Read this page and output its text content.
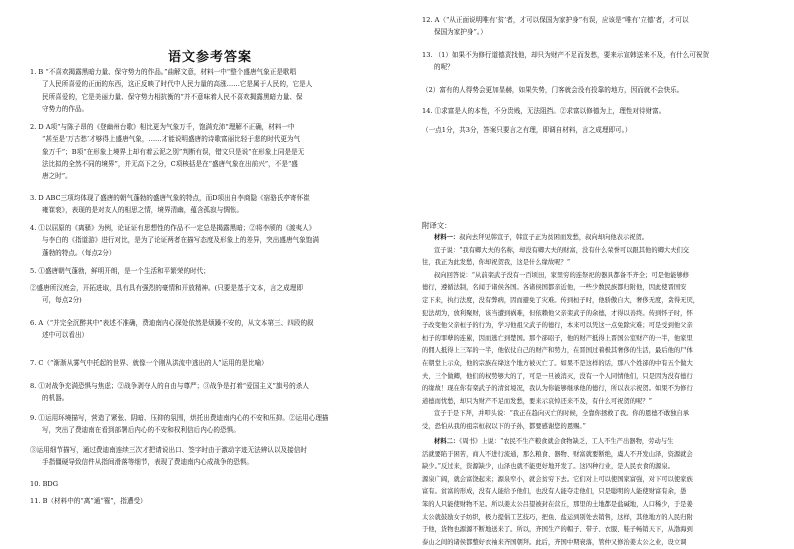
语文参考答案
1. B “不喜欢揭露黑暗力量、保守势力的作品。”曲解文意，材料一中“整个盛唐气象正是歌唱
了人民所喜爱的正面的东西，这正反映了时代中人民力量的高涨……它是属于人民的，它是人
民所喜爱的，它是美丽力量、保守势力相抗衡的”并不意味着人民不喜欢揭露黑暗力量、保
守势力的作品。
2. D A项“与陈子昂的《登幽州台歌》相比更为气象万千，饱满充沛”理解不正确，材料一中
“甚至是‘万古愁’才够得上盛唐气象，……才能说明盛唐的诗歌富丽比轻于悲的时代更为气
象万千”；B项“在形象上境界上却有着云泥之别”判断有误，错文只是说“在形象上同是是无
法比拟的全然不同的境界”，并无高下之分，C项核括是在“盛唐气象在出前兴”，不是“盛
唐之时”。
3. D ABC三项均体现了盛唐的朝气蓬勃的盛唐气象的特点，而D项出自李商隐《宿骆氏亭寄怀崔
雍崔衮》，表现的是对友人的相思之情，境界清幽，蕴含孤寂与惆怅。
4. ①以屈原的《离骚》为例，论证证有思想性的作品不一定总是揭露黑暗；②将李颀的《渡夷人》
与李白的《指道游》进行对比，是为了论证两者在描写态度及形象上的差异，突出盛唐气象饱满
蓬勃的特点。（每点2分）
5. ①盛唐朝气蓬勃，鲜明开朗，是一个生活和平繁荣的时代；
②盛唐所汉庭会，开拓进取，具有具有强烈的豪情和开放精神。(只要是基于文本，言之成理即
可，每点2分)
6. A（“并完全沉醉其中”表述不准确，费迪南内心深处依然是烦躁不安的，从文本第三、四段的叙
述中可以看出）
7. C（“渐渐从雾气中托起的世界、就像一个刚从洪流中逃出的人”运用的是比喻）
8. ①对战争充满恐惧与焦虑；②战争剥夺人的自由与尊严；③战争是打着“爱国主义”旗号的杀人
的机器。
9. ①运用环境描写，营造了紧张、阴暗、压抑的氛围，烘托出费迪南内心的不安和压抑。②运用心理描
写，突出了费迪南在看到部署后内心的不安和权利信后内心的恐惧。
③运用细节描写，通过费迪南连续三次才把请说出口、签字时由于激动字迹无法辨认以及接信时
手指僵硬导致信件从指间滑落等细节，表现了费迪南内心成战争的恐惧。
10. BDG
11. B（材料中的“离”通“罹”，指遭受）
12. A（“从正面说明唯有‘贫’者，才可以保国为家护身”有误，应该是“唯有‘立德’者，才可以
保国为家护身”。）
13. （1）如果不为修行道德责找他，却只为财产不足而发愁，要来示宣韩送来不及，有什么可祝贺
的呢？
（2）富有的人得势会更加显赫，如果失势，门客就会没有投靠的地方，因而就不会快乐。
14. ①求富是人的本性，不分贵贱，无法阻挡。②求富以修德为上，理性对待财富。
（一点1分，共3分，答案只要言之有理，即调自材料，言之成理即可。）
附译文：
材料一：叔向去拜见韩宣子，韩宣子正为贫困而发愁，叔向却向他表示祝贺。
宣子说：“我有卿大夫的名称，却没有卿大夫的财富，没有什么荣誉可以跟其他的卿大夫们交
往，我正为此发愁，你却祝贺我，这是什么缘故呢？”
叔向回答说：“从前栾武子没有一百顷田，家里穷的连祭祀的器具都备不齐全；可是他能够修
德行，遵循法制，名闻于诸侯各国。各诸侯国都亲近他，一些少数民族都归附他，因此使晋国安
定下来，执行法度，没有弊病，因而避免了灾难。传到桓子时，他骄傲自大，奢侈无度，贪得无厌，
犯法胡为，放利聚财，该当遭到祸难，但依赖他父亲栾武子的余德，才得以善终。传到怀子时，怀
子改变他父亲桓子的行为，学习他祖父武子的德行，本来可以凭这一点免除灾难；可是受到他父亲
桓子的罪孽的连累，因而逃亡到楚国。那个郤昭子，他的财产抵得上晋国公室财产的一半，他家里
的佣人抵得上三军的一半，他依仗自己的财产和势力，在晋国过着极其奢侈的生活，最后他的尸体
在朝堂上示众，他的宗族在绛这个地方被灭亡了。如果不是这样的话，那八个姓郤的中有五个做大
夫，三个做卿，他们的权势够大的了，可是一旦被消灭，没有一个人同情他们，只是因为没有德行
的缘故！现在你有栾武子的清贫境况，我认为你能够继承他的德行，所以表示祝贺。如果不为修行
道德而忧愁，却只为财产不足而发愁，要来示哀悼还来不及，有什么可祝贺的呢？”
宣子于是下拜，并叩头说：“我正在趋向灭亡的时候，全靠你拯救了我。你的恩德不敢独自承
受，恐怕从我的祖宗桓叔以下的子孙，都要感谢您的恩赐。”
材料二：《周书》上说：“农民不生产粮食就会食物缺乏，工人不生产出器物，劳动与生
活就要陷于困苦，商人不进行流通，那么粮食、器物、财富就要断绝，虞人不开发山泽，资源就会
缺少。”反过来，资源缺少，山泽也就不能更好地开发了。这四种行业，是人民衣食的源泉。
源泉广阔，就会富饶起来；源泉窄小，就会贫穷下去。它们对上可以使国家富强，对下可以使家族
富有。贫富的形成，没有人能给予他们，也没有人能夺走他们，只是聪明的人能使财富有余，愚
笨的人只能使财物不足。所以姜太公吕望被封在营丘，那里的土地都是盐碱地，人口稀少，于是姜
太公就鼓励女子纺织，极力提倡工艺技巧，把鱼、盐运到别处去销售，这样，其他地方的人民归附
于他，货物也源源不断地送来了。所以，齐国生产的帽子、带子、衣服、鞋子畅销天下，从渤海到
泰山之间的诸侯都整好衣袖来齐国朝拜。此后，齐国中期衰落，管仲又修治姜太公之业，设立调
